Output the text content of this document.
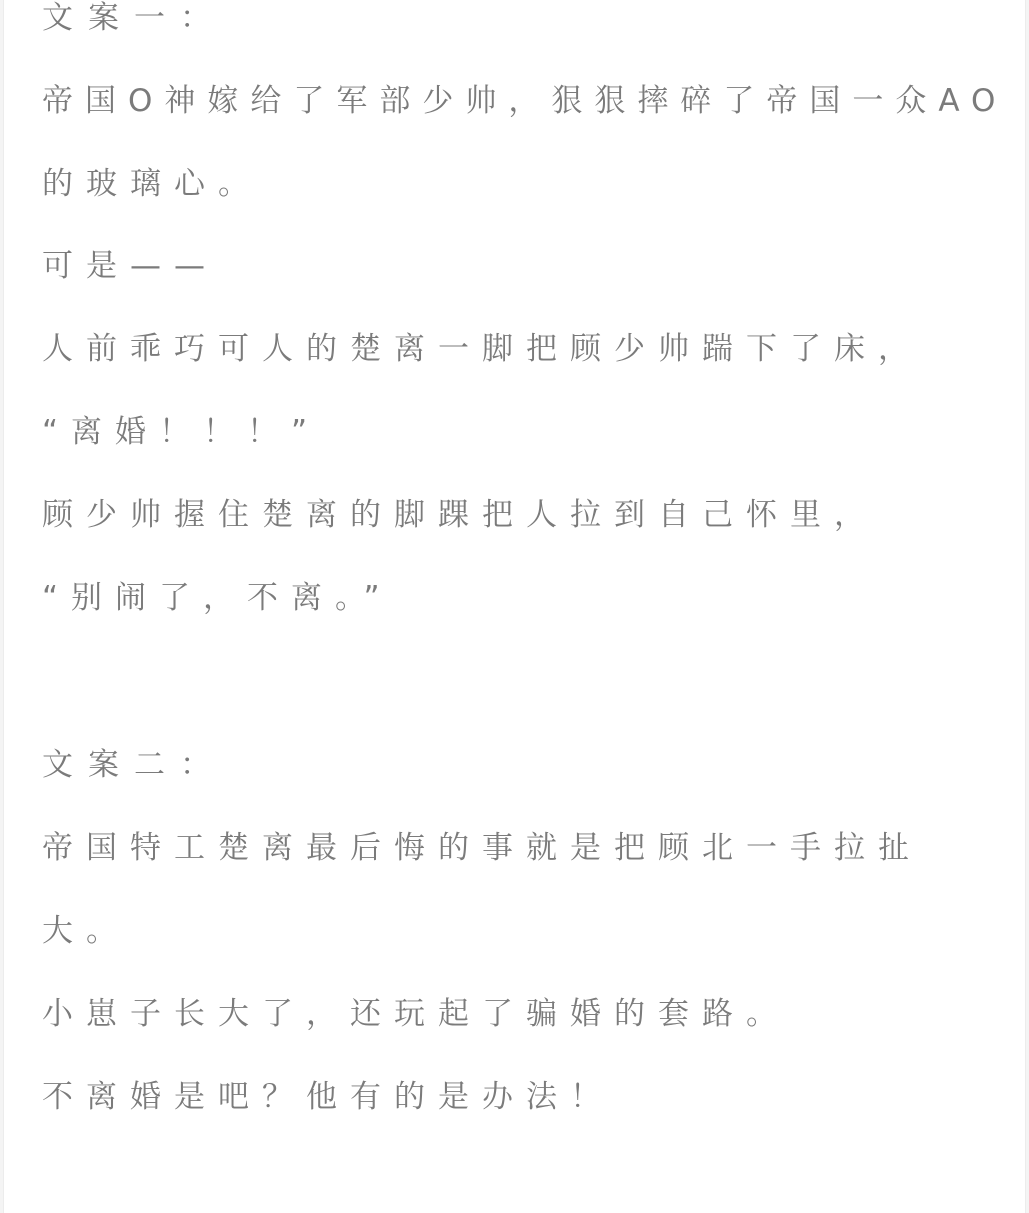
文案一：

帝国O神嫁给了军部少帅，狠狠摔碎了帝国一众AO

的玻璃心。

可是——

人前乖巧可人的楚离一脚把顾少帅踹下了床，

“离婚！！！”

顾少帅握住楚离的脚踝把人拉到自己怀里，

“别闹了，不离。”

文案二：

帝国特工楚离最后悔的事就是把顾北一手拉扯

大。

小崽子长大了，还玩起了骗婚的套路。

不离婚是吧？他有的是办法！
